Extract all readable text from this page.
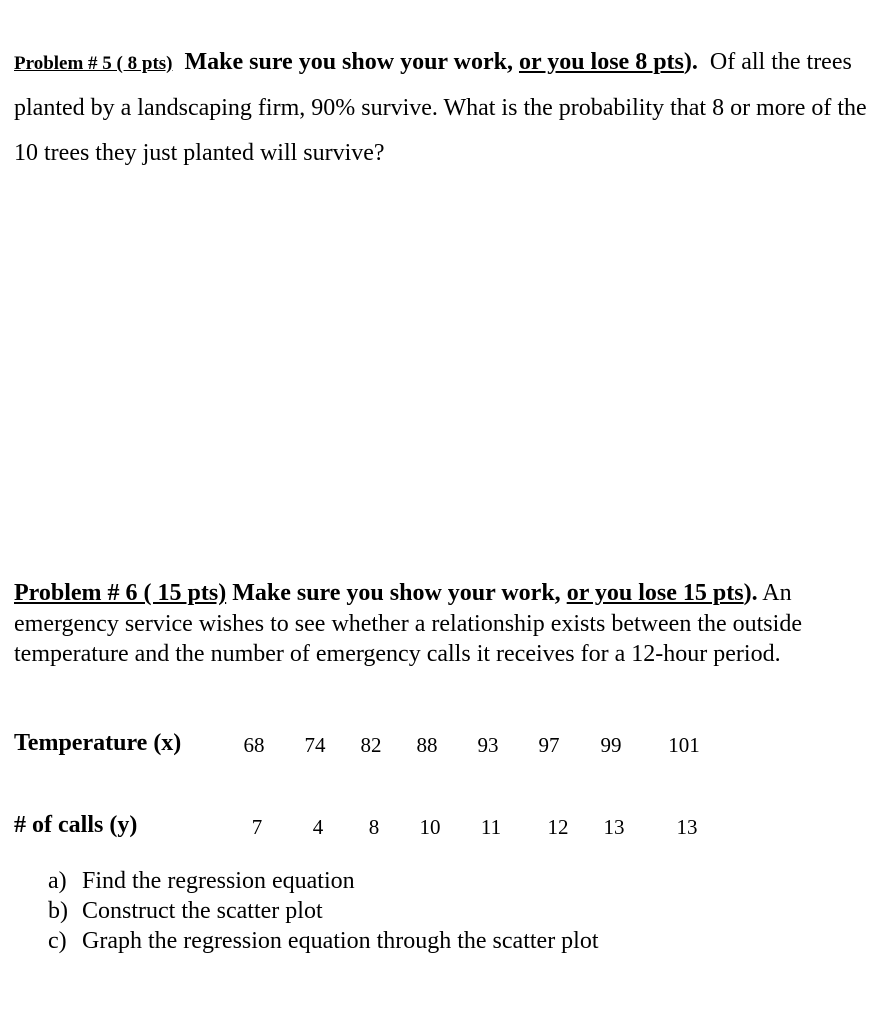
Problem # 5 ( 8 pts) Make sure you show your work, or you lose 8 pts). Of all the trees planted by a landscaping firm, 90% survive. What is the probability that 8 or more of the 10 trees they just planted will survive?
Problem # 6 ( 15 pts) Make sure you show your work, or you lose 15 pts). An emergency service wishes to see whether a relationship exists between the outside temperature and the number of emergency calls it receives for a 12-hour period.
Temperature (x)	68	74	82	88	93	97	99	101
# of calls (y)	7	4	8	10	11	12	13	13
a) Find the regression equation
b) Construct the scatter plot
c) Graph the regression equation through the scatter plot
